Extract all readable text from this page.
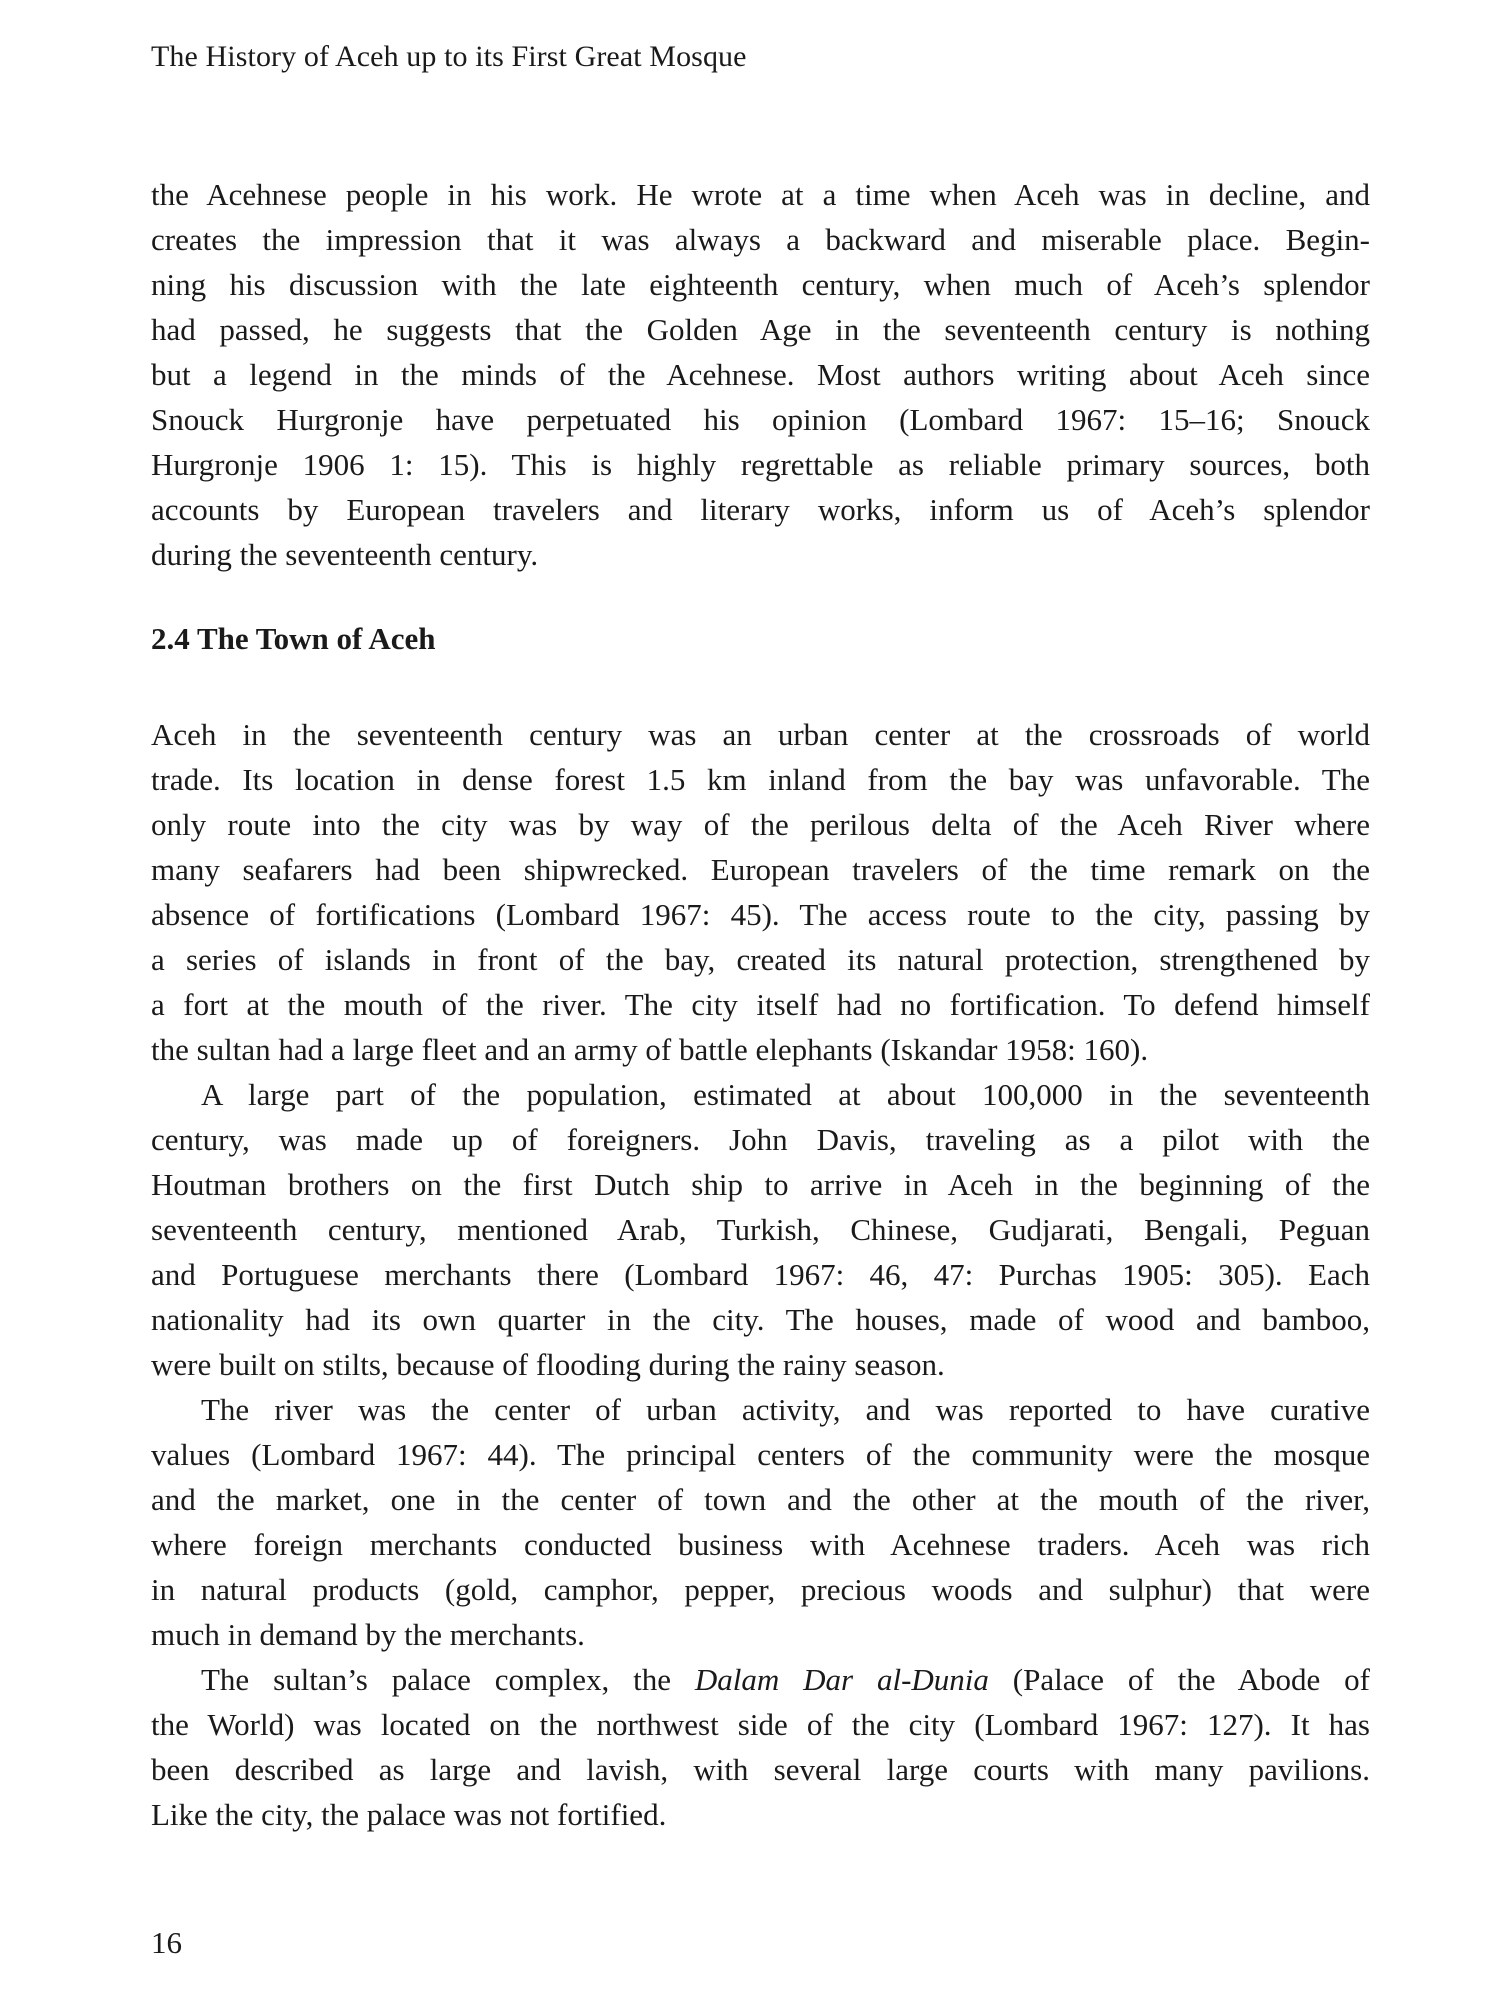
The History of Aceh up to its First Great Mosque
the Acehnese people in his work. He wrote at a time when Aceh was in decline, and
creates the impression that it was always a backward and miserable place. Begin-
ning his discussion with the late eighteenth century, when much of Aceh’s splendor
had passed, he suggests that the Golden Age in the seventeenth century is nothing
but a legend in the minds of the Acehnese. Most authors writing about Aceh since
Snouck Hurgronje have perpetuated his opinion (Lombard 1967: 15–16; Snouck
Hurgronje 1906 1: 15). This is highly regrettable as reliable primary sources, both
accounts by European travelers and literary works, inform us of Aceh’s splendor
during the seventeenth century.
2.4 The Town of Aceh
Aceh in the seventeenth century was an urban center at the crossroads of world
trade. Its location in dense forest 1.5 km inland from the bay was unfavorable. The
only route into the city was by way of the perilous delta of the Aceh River where
many seafarers had been shipwrecked. European travelers of the time remark on the
absence of fortifications (Lombard 1967: 45). The access route to the city, passing by
a series of islands in front of the bay, created its natural protection, strengthened by
a fort at the mouth of the river. The city itself had no fortification. To defend himself
the sultan had a large fleet and an army of battle elephants (Iskandar 1958: 160).
A large part of the population, estimated at about 100,000 in the seventeenth
century, was made up of foreigners. John Davis, traveling as a pilot with the
Houtman brothers on the first Dutch ship to arrive in Aceh in the beginning of the
seventeenth century, mentioned Arab, Turkish, Chinese, Gudjarati, Bengali, Peguan
and Portuguese merchants there (Lombard 1967: 46, 47: Purchas 1905: 305). Each
nationality had its own quarter in the city. The houses, made of wood and bamboo,
were built on stilts, because of flooding during the rainy season.
The river was the center of urban activity, and was reported to have curative
values (Lombard 1967: 44). The principal centers of the community were the mosque
and the market, one in the center of town and the other at the mouth of the river,
where foreign merchants conducted business with Acehnese traders. Aceh was rich
in natural products (gold, camphor, pepper, precious woods and sulphur) that were
much in demand by the merchants.
The sultan’s palace complex, the Dalam Dar al-Dunia (Palace of the Abode of
the World) was located on the northwest side of the city (Lombard 1967: 127). It has
been described as large and lavish, with several large courts with many pavilions.
Like the city, the palace was not fortified.
16
